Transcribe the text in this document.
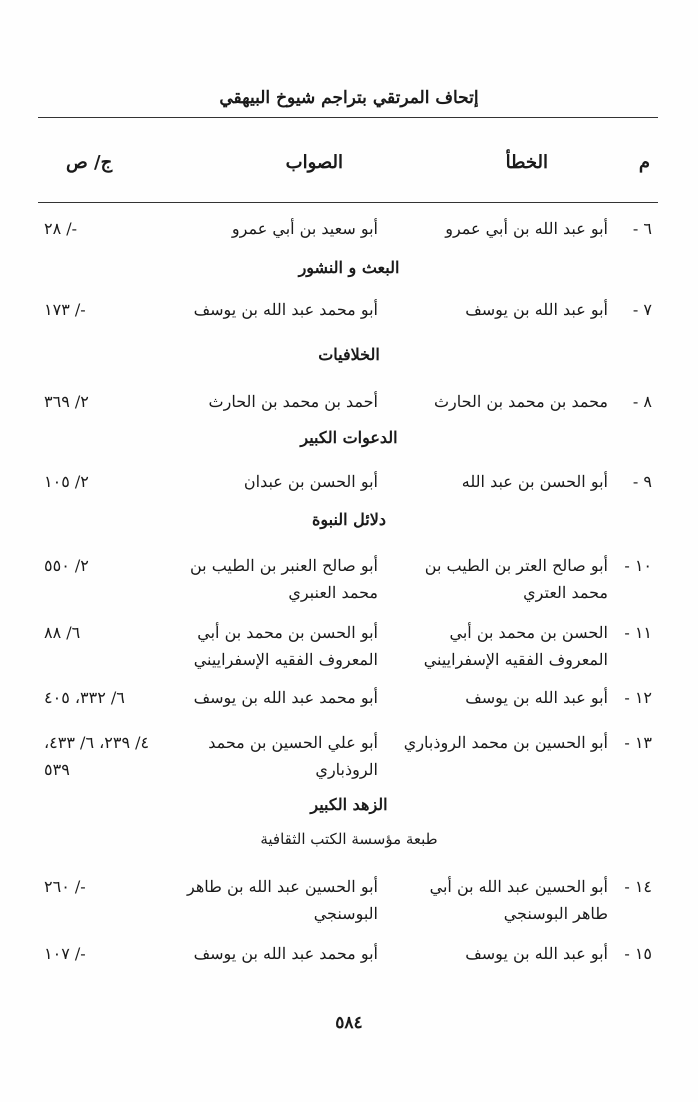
إتحاف المرتقي بتراجم شيوخ البيهقي
م
الخطأ
الصواب
ج/ ص
٦ -
أبو عبد الله بن أبي عمرو
أبو سعيد بن أبي عمرو
-/ ٢٨
البعث و النشور
٧ -
أبو عبد الله بن يوسف
أبو محمد عبد الله بن يوسف
-/ ١٧٣
الخلافيات
٨ -
محمد بن محمد بن الحارث
أحمد بن محمد بن الحارث
٢/ ٣٦٩
الدعوات الكبير
٩ -
أبو الحسن بن عبد الله
أبو الحسن بن عبدان
٢/ ١٠٥
دلائل النبوة
١٠ -
أبو صالح العتر بن الطيب بن محمد العتري
أبو صالح العنبر بن الطيب بن محمد العنبري
٢/ ٥٥٠
١١ -
الحسن بن محمد بن أبي المعروف الفقيه الإسفراييني
أبو الحسن بن محمد بن أبي المعروف الفقيه الإسفراييني
٦/ ٨٨
١٢ -
أبو عبد الله بن يوسف
أبو محمد عبد الله بن يوسف
٦/ ٣٣٢، ٤٠٥
١٣ -
أبو الحسين بن محمد الروذباري
أبو علي الحسين بن محمد الروذباري
٤/ ٢٣٩، ٦/ ٤٣٣، ٥٣٩
الزهد الكبير
طبعة مؤسسة الكتب الثقافية
١٤ -
أبو الحسين عبد الله بن أبي طاهر البوسنجي
أبو الحسين عبد الله بن طاهر البوسنجي
-/ ٢٦٠
١٥ -
أبو عبد الله بن يوسف
أبو محمد عبد الله بن يوسف
-/ ١٠٧
٥٨٤
